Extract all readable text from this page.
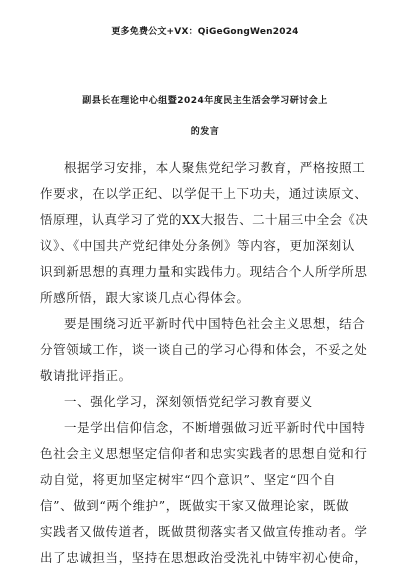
更多免费公文+VX：QiGeGongWen2024
副县长在理论中心组暨2024年度民主生活会学习研讨会上
的发言
根据学习安排，本人聚焦党纪学习教育，严格按照工
作要求，在以学正纪、以学促干上下功夫，通过读原文、
悟原理，认真学习了党的XX大报告、二十届三中全会《决
议》、《中国共产党纪律处分条例》等内容，更加深刻认
识到新思想的真理力量和实践伟力。现结合个人所学所思
所感所悟，跟大家谈几点心得体会。
要是围绕习近平新时代中国特色社会主义思想，结合
分管领域工作，谈一谈自己的学习心得和体会，不妥之处
敬请批评指正。
一、强化学习，深刻领悟党纪学习教育要义
一是学出信仰信念，不断增强做习近平新时代中国特
色社会主义思想坚定信仰者和忠实实践者的思想自觉和行
动自觉，将更加坚定树牢“四个意识”、坚定“四个自
信”、做到“两个维护”，既做实干家又做理论家，既做
实践者又做传道者，既做贯彻落实者又做宣传推动者。学
出了忠诚担当，坚持在思想政治受洗礼中铸牢初心使命，
